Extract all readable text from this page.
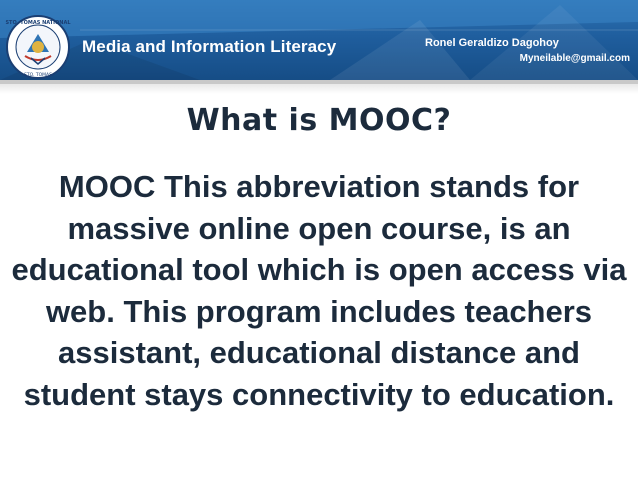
Media and Information Literacy	Ronel Geraldizo Dagohoy
Myneilable@gmail.com
STO. TOMAS NATIONAL
STO. TOMAS
What is MOOC?
MOOC This abbreviation stands for massive online open course, is an educational tool which is open access via web. This program includes teachers assistant, educational distance and student stays connectivity to education.
